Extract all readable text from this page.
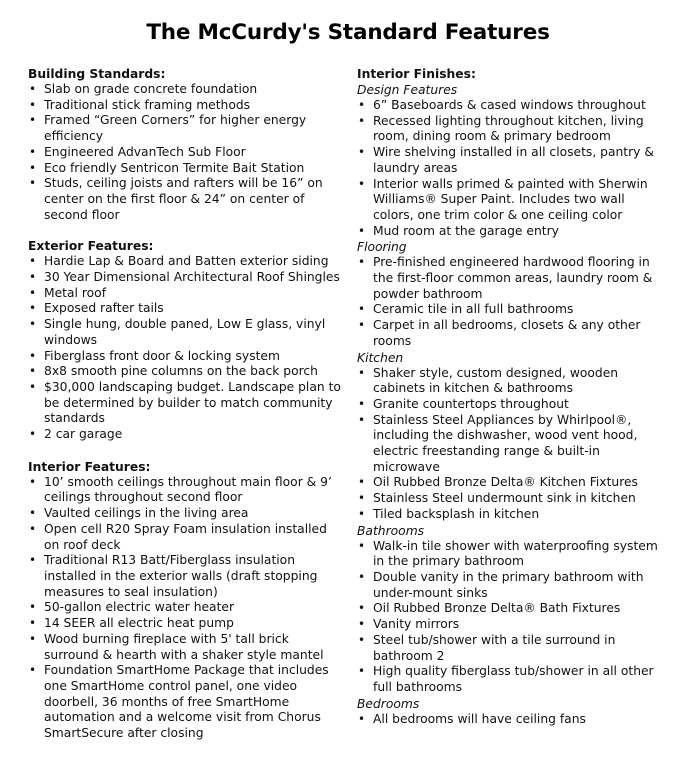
The McCurdy's Standard Features

Building Standards:

• Slab on grade concrete foundation
• Traditional stick framing methods
• Framed “Green Corners” for higher energy efficiency
• Engineered AdvanTech Sub Floor
• Eco friendly Sentricon Termite Bait Station
• Studs, ceiling joists and rafters will be 16” on center on the first floor & 24” on center of second floor

Exterior Features:

• Hardie Lap & Board and Batten exterior siding
• 30 Year Dimensional Architectural Roof Shingles
• Metal roof
• Exposed rafter tails
• Single hung, double paned, Low E glass, vinyl windows
• Fiberglass front door & locking system
• 8x8 smooth pine columns on the back porch
• $30,000 landscaping budget. Landscape plan to be determined by builder to match community standards
• 2 car garage

Interior Features:

• 10’ smooth ceilings throughout main floor & 9’ ceilings throughout second floor
• Vaulted ceilings in the living area
• Open cell R20 Spray Foam insulation installed on roof deck
• Traditional R13 Batt/Fiberglass insulation installed in the exterior walls (draft stopping measures to seal insulation)
• 50-gallon electric water heater
• 14 SEER all electric heat pump
• Wood burning fireplace with 5' tall brick surround & hearth with a shaker style mantel
• Foundation SmartHome Package that includes one SmartHome control panel, one video doorbell, 36 months of free SmartHome automation and a welcome visit from Chorus SmartSecure after closing

Interior Finishes:

Design Features

• 6” Baseboards & cased windows throughout
• Recessed lighting throughout kitchen, living room, dining room & primary bedroom
• Wire shelving installed in all closets, pantry & laundry areas
• Interior walls primed & painted with Sherwin Williams® Super Paint. Includes two wall colors, one trim color & one ceiling color
• Mud room at the garage entry

Flooring

• Pre-finished engineered hardwood flooring in the first-floor common areas, laundry room & powder bathroom
• Ceramic tile in all full bathrooms
• Carpet in all bedrooms, closets & any other rooms

Kitchen

• Shaker style, custom designed, wooden cabinets in kitchen & bathrooms
• Granite countertops throughout
• Stainless Steel Appliances by Whirlpool®, including the dishwasher, wood vent hood, electric freestanding range & built-in microwave
• Oil Rubbed Bronze Delta® Kitchen Fixtures
• Stainless Steel undermount sink in kitchen
• Tiled backsplash in kitchen

Bathrooms

• Walk-in tile shower with waterproofing system in the primary bathroom
• Double vanity in the primary bathroom with under-mount sinks
• Oil Rubbed Bronze Delta® Bath Fixtures
• Vanity mirrors
• Steel tub/shower with a tile surround in bathroom 2
• High quality fiberglass tub/shower in all other full bathrooms

Bedrooms

• All bedrooms will have ceiling fans
